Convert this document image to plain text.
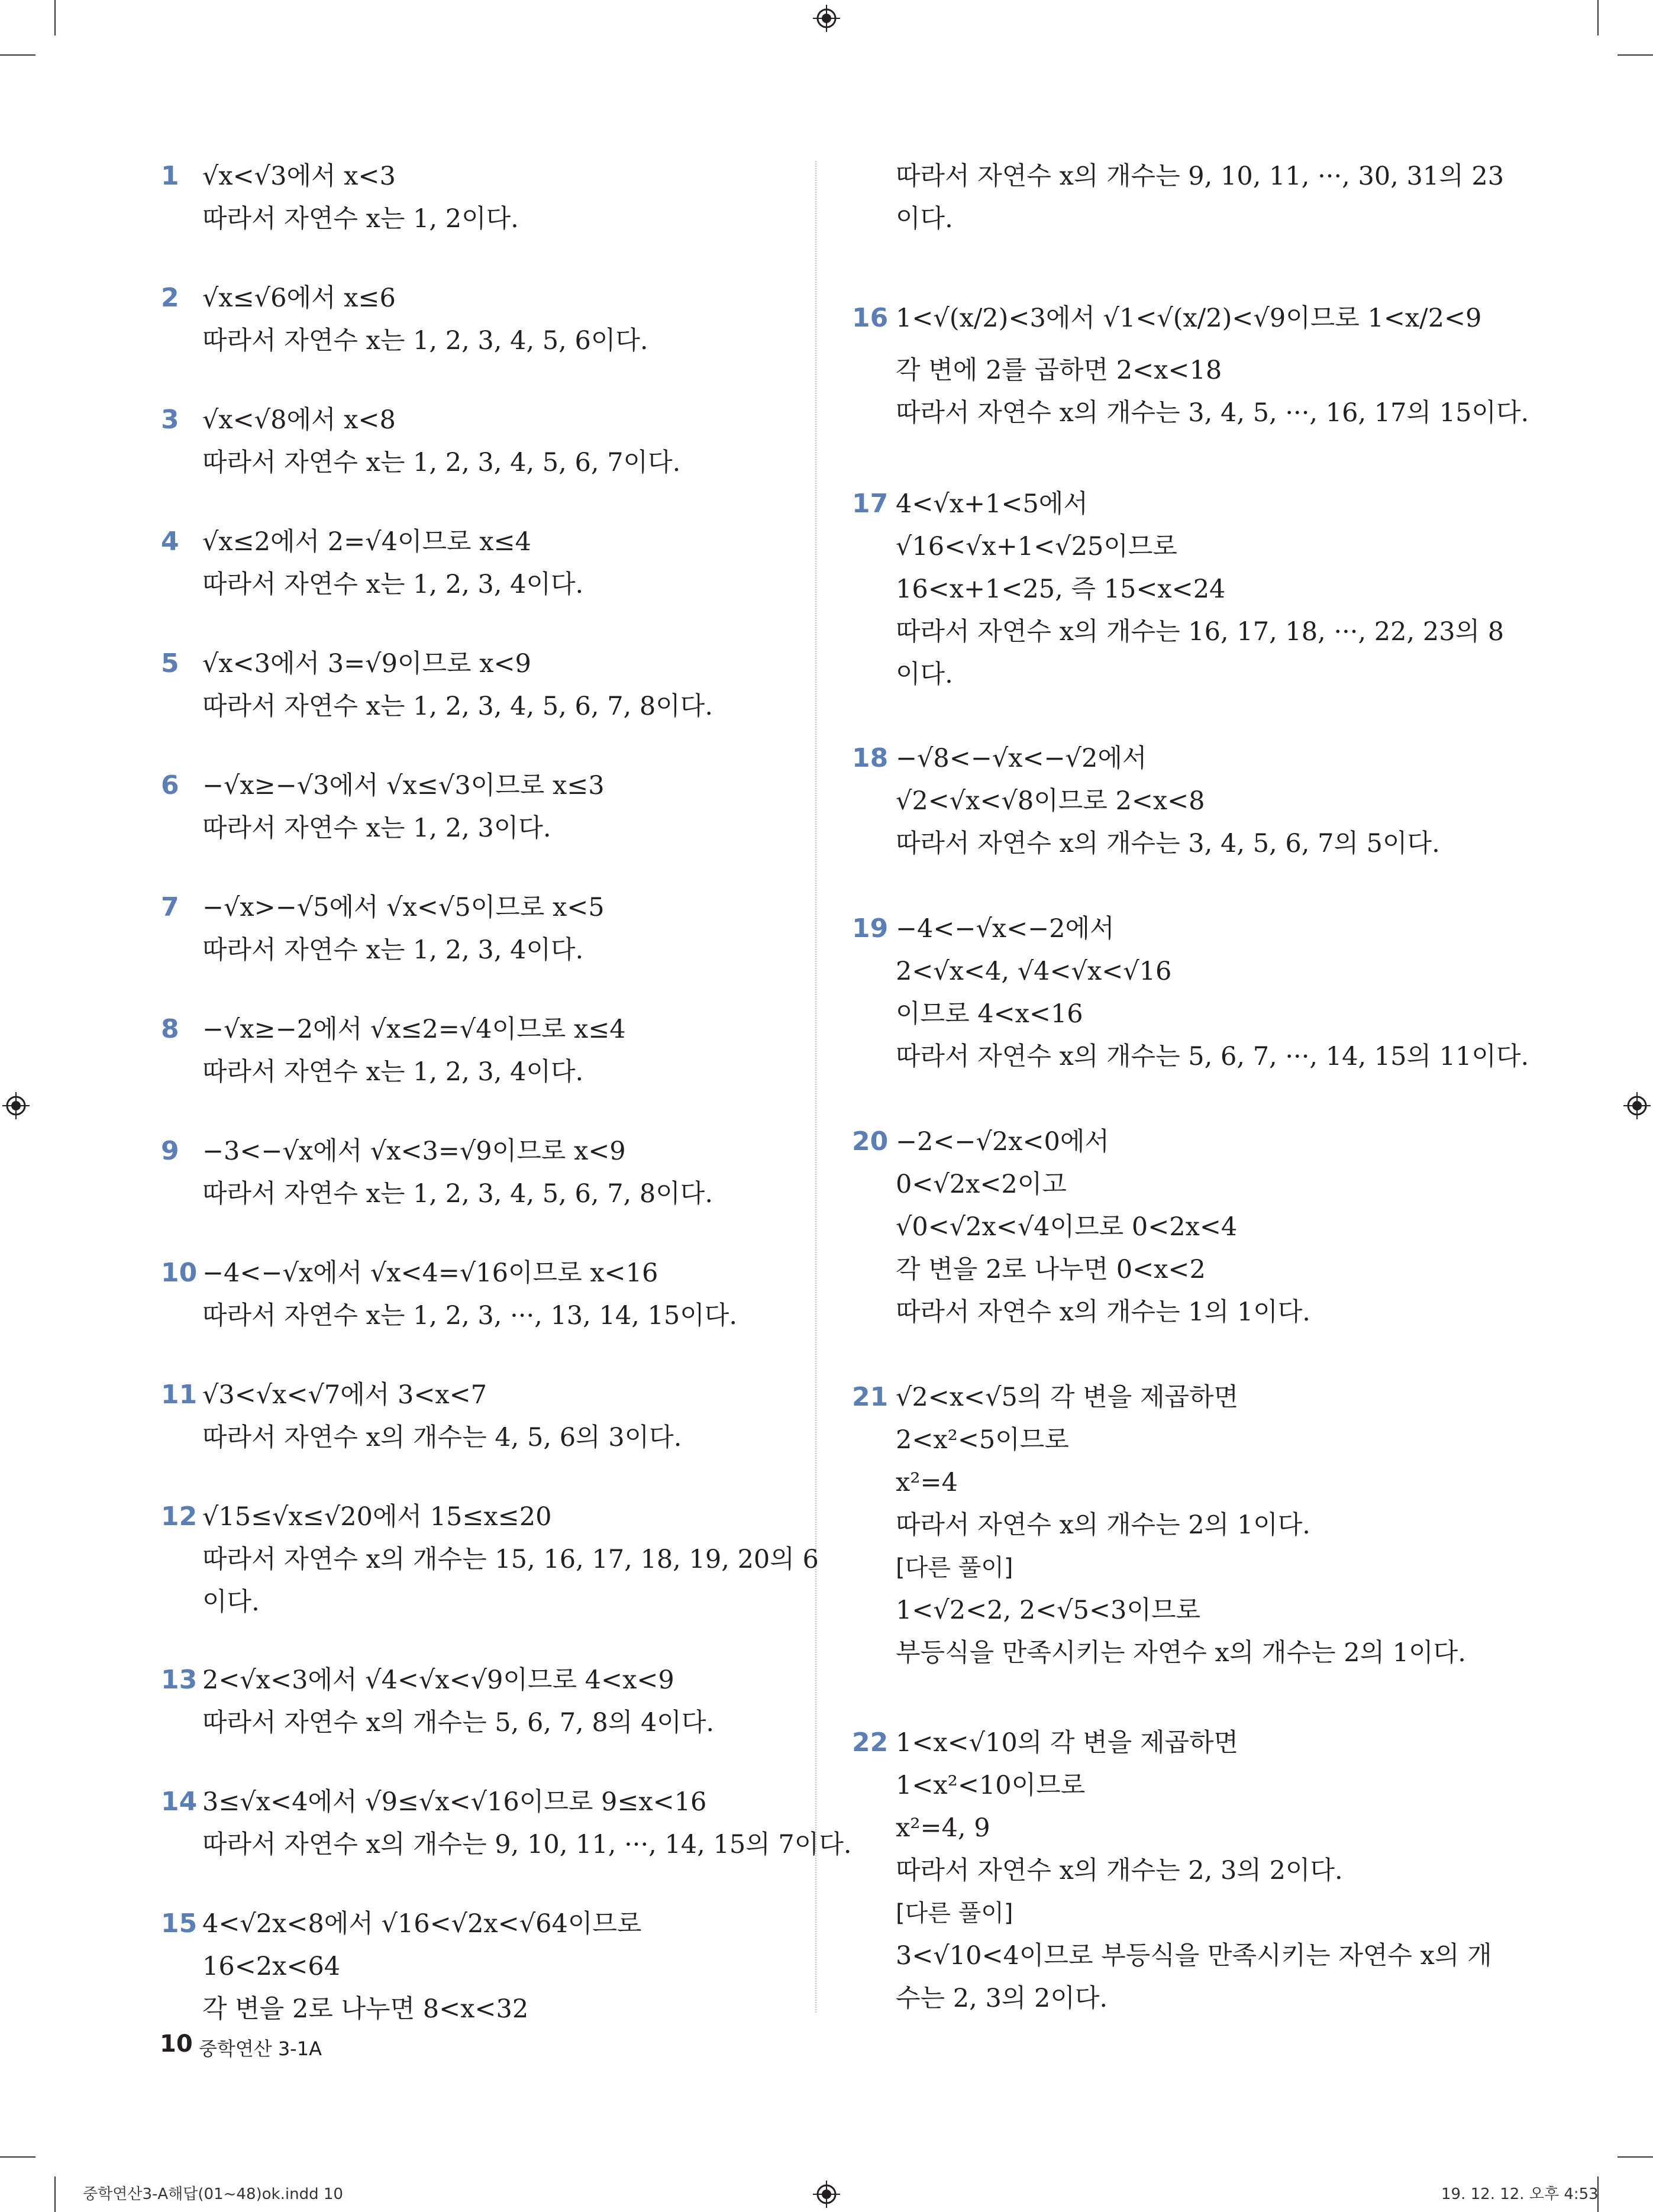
1 √x<√3에서 x<3
따라서 자연수 x는 1, 2이다.
2 √x≤√6에서 x≤6
따라서 자연수 x는 1, 2, 3, 4, 5, 6이다.
3 √x<√8에서 x<8
따라서 자연수 x는 1, 2, 3, 4, 5, 6, 7이다.
4 √x≤2에서 2=√4이므로 x≤4
따라서 자연수 x는 1, 2, 3, 4이다.
5 √x<3에서 3=√9이므로 x<9
따라서 자연수 x는 1, 2, 3, 4, 5, 6, 7, 8이다.
6 −√x≥−√3에서 √x≤√3이므로 x≤3
따라서 자연수 x는 1, 2, 3이다.
7 −√x>−√5에서 √x<√5이므로 x<5
따라서 자연수 x는 1, 2, 3, 4이다.
8 −√x≥−2에서 √x≤2=√4이므로 x≤4
따라서 자연수 x는 1, 2, 3, 4이다.
9 −3<−√x에서 √x<3=√9이므로 x<9
따라서 자연수 x는 1, 2, 3, 4, 5, 6, 7, 8이다.
10 −4<−√x에서 √x<4=√16이므로 x<16
따라서 자연수 x는 1, 2, 3, ···, 13, 14, 15이다.
11 √3<√x<√7에서 3<x<7
따라서 자연수 x의 개수는 4, 5, 6의 3이다.
12 √15≤√x≤√20에서 15≤x≤20
따라서 자연수 x의 개수는 15, 16, 17, 18, 19, 20의 6
이다.
13 2<√x<3에서 √4<√x<√9이므로 4<x<9
따라서 자연수 x의 개수는 5, 6, 7, 8의 4이다.
14 3≤√x<4에서 √9≤√x<√16이므로 9≤x<16
따라서 자연수 x의 개수는 9, 10, 11, ···, 14, 15의 7이다.
15 4<√2x<8에서 √16<√2x<√64이므로
16<2x<64
각 변을 2로 나누면 8<x<32
따라서 자연수 x의 개수는 9, 10, 11, ···, 30, 31의 23
이다.
16 1<√(x/2)<3에서 √1<√(x/2)<√9이므로 1<x/2<9
각 변에 2를 곱하면 2<x<18
따라서 자연수 x의 개수는 3, 4, 5, ···, 16, 17의 15이다.
17 4<√x+1<5에서
√16<√x+1<√25이므로
16<x+1<25, 즉 15<x<24
따라서 자연수 x의 개수는 16, 17, 18, ···, 22, 23의 8
이다.
18 −√8<−√x<−√2에서
√2<√x<√8이므로 2<x<8
따라서 자연수 x의 개수는 3, 4, 5, 6, 7의 5이다.
19 −4<−√x<−2에서
2<√x<4, √4<√x<√16
이므로 4<x<16
따라서 자연수 x의 개수는 5, 6, 7, ···, 14, 15의 11이다.
20 −2<−√2x<0에서
0<√2x<2이고
√0<√2x<√4이므로 0<2x<4
각 변을 2로 나누면 0<x<2
따라서 자연수 x의 개수는 1의 1이다.
21 √2<x<√5의 각 변을 제곱하면
2<x²<5이므로
x²=4
따라서 자연수 x의 개수는 2의 1이다.
[다른 풀이]
1<√2<2, 2<√5<3이므로
부등식을 만족시키는 자연수 x의 개수는 2의 1이다.
22 1<x<√10의 각 변을 제곱하면
1<x²<10이므로
x²=4, 9
따라서 자연수 x의 개수는 2, 3의 2이다.
[다른 풀이]
3<√10<4이므로 부등식을 만족시키는 자연수 x의 개
수는 2, 3의 2이다.
10 중학연산 3-1A
중학연산3-A해답(01~48)ok.indd 10	19. 12. 12. 오후 4:53
